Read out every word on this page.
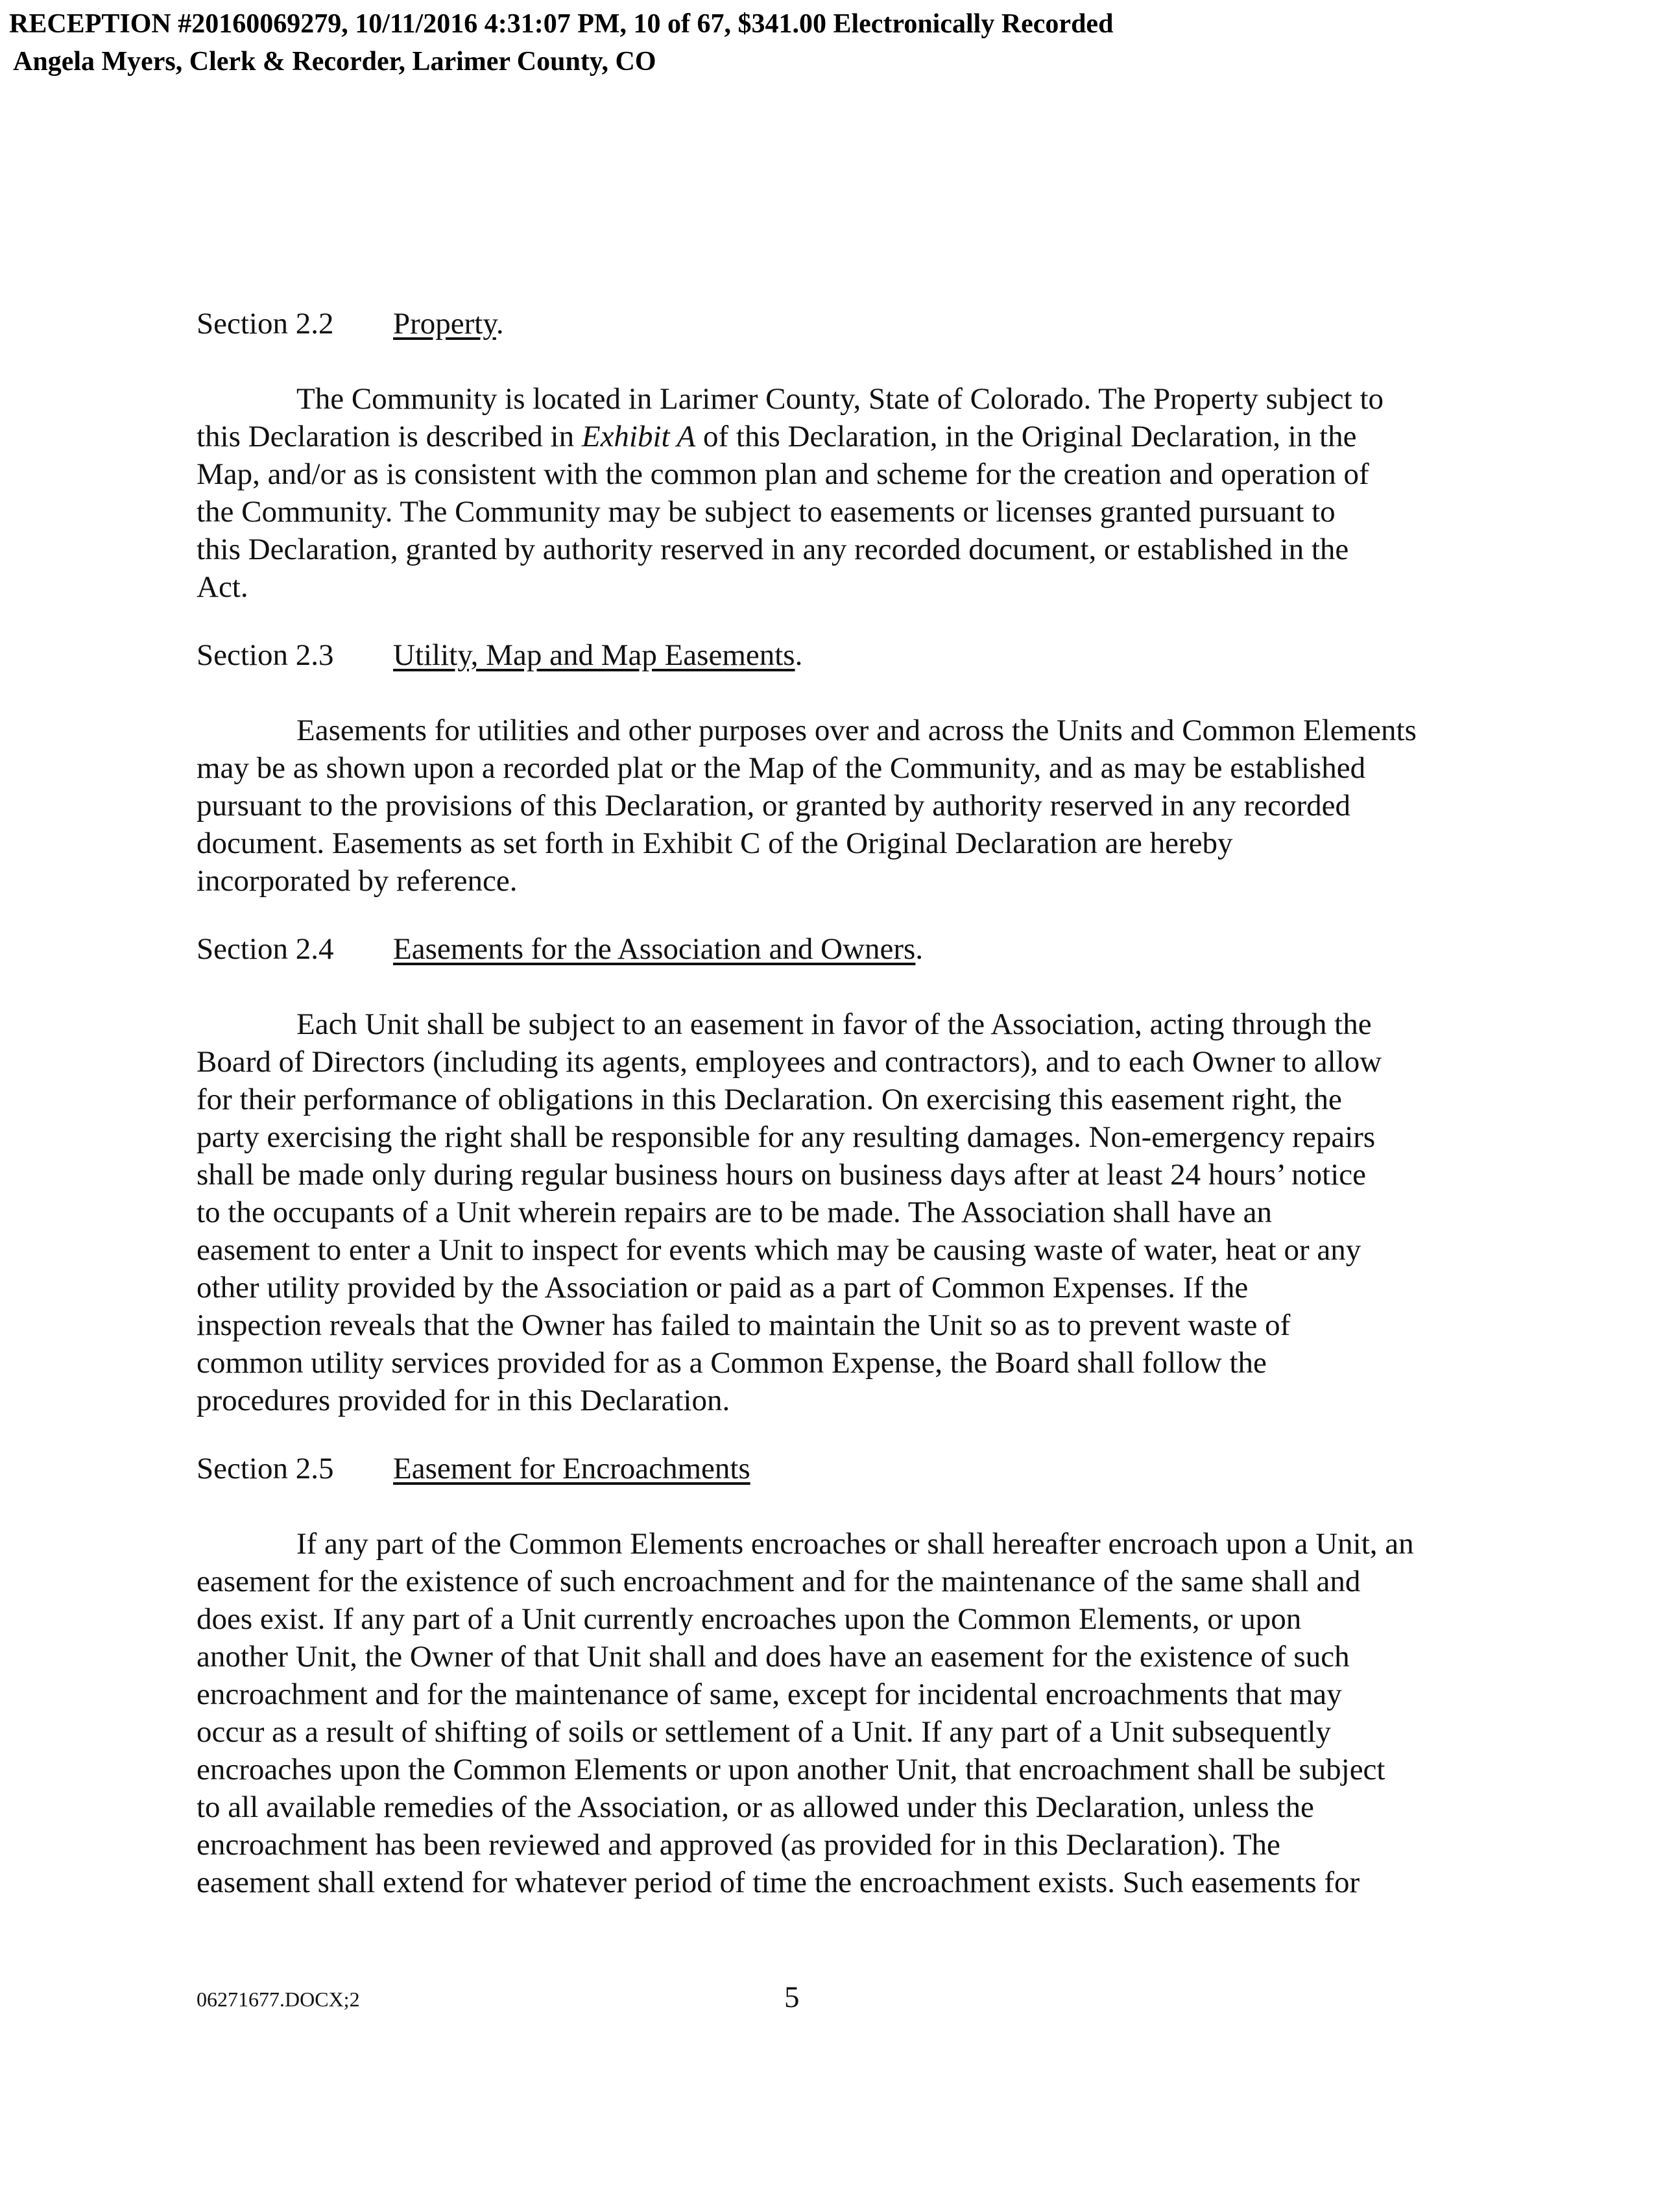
RECEPTION #20160069279, 10/11/2016 4:31:07 PM, 10 of 67, $341.00 Electronically Recorded
Angela Myers, Clerk & Recorder, Larimer County, CO
Section 2.2	Property.
The Community is located in Larimer County, State of Colorado. The Property subject to
this Declaration is described in Exhibit A of this Declaration, in the Original Declaration, in the
Map, and/or as is consistent with the common plan and scheme for the creation and operation of
the Community. The Community may be subject to easements or licenses granted pursuant to
this Declaration, granted by authority reserved in any recorded document, or established in the
Act.
Section 2.3	Utility, Map and Map Easements.
Easements for utilities and other purposes over and across the Units and Common Elements
may be as shown upon a recorded plat or the Map of the Community, and as may be established
pursuant to the provisions of this Declaration, or granted by authority reserved in any recorded
document. Easements as set forth in Exhibit C of the Original Declaration are hereby
incorporated by reference.
Section 2.4	Easements for the Association and Owners.
Each Unit shall be subject to an easement in favor of the Association, acting through the
Board of Directors (including its agents, employees and contractors), and to each Owner to allow
for their performance of obligations in this Declaration. On exercising this easement right, the
party exercising the right shall be responsible for any resulting damages. Non-emergency repairs
shall be made only during regular business hours on business days after at least 24 hours’ notice
to the occupants of a Unit wherein repairs are to be made. The Association shall have an
easement to enter a Unit to inspect for events which may be causing waste of water, heat or any
other utility provided by the Association or paid as a part of Common Expenses. If the
inspection reveals that the Owner has failed to maintain the Unit so as to prevent waste of
common utility services provided for as a Common Expense, the Board shall follow the
procedures provided for in this Declaration.
Section 2.5	Easement for Encroachments
If any part of the Common Elements encroaches or shall hereafter encroach upon a Unit, an
easement for the existence of such encroachment and for the maintenance of the same shall and
does exist. If any part of a Unit currently encroaches upon the Common Elements, or upon
another Unit, the Owner of that Unit shall and does have an easement for the existence of such
encroachment and for the maintenance of same, except for incidental encroachments that may
occur as a result of shifting of soils or settlement of a Unit. If any part of a Unit subsequently
encroaches upon the Common Elements or upon another Unit, that encroachment shall be subject
to all available remedies of the Association, or as allowed under this Declaration, unless the
encroachment has been reviewed and approved (as provided for in this Declaration). The
easement shall extend for whatever period of time the encroachment exists. Such easements for
06271677.DOCX;2	5
